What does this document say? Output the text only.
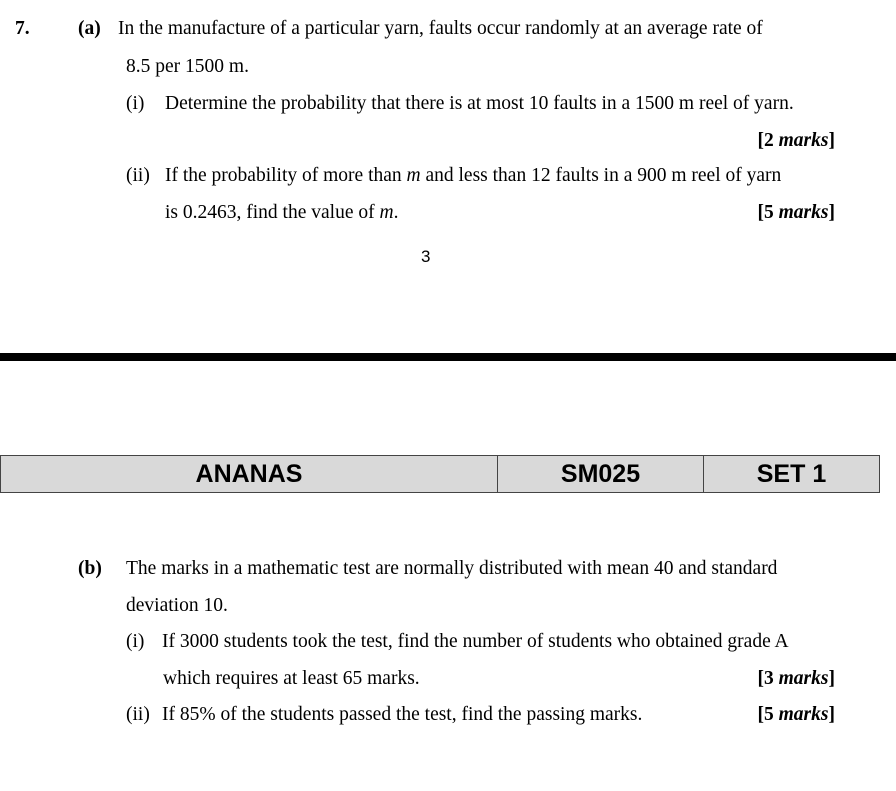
7. (a) In the manufacture of a particular yarn, faults occur randomly at an average rate of
8.5 per 1500 m.
(i) Determine the probability that there is at most 10 faults in a 1500 m reel of yarn.
[2 marks]
(ii) If the probability of more than m and less than 12 faults in a 900 m reel of yarn
is 0.2463, find the value of m.	[5 marks]
3
ANANAS	SM025	SET 1
(b) The marks in a mathematic test are normally distributed with mean 40 and standard
deviation 10.
(i) If 3000 students took the test, find the number of students who obtained grade A
which requires at least 65 marks.	[3 marks]
(ii) If 85% of the students passed the test, find the passing marks.	[5 marks]
